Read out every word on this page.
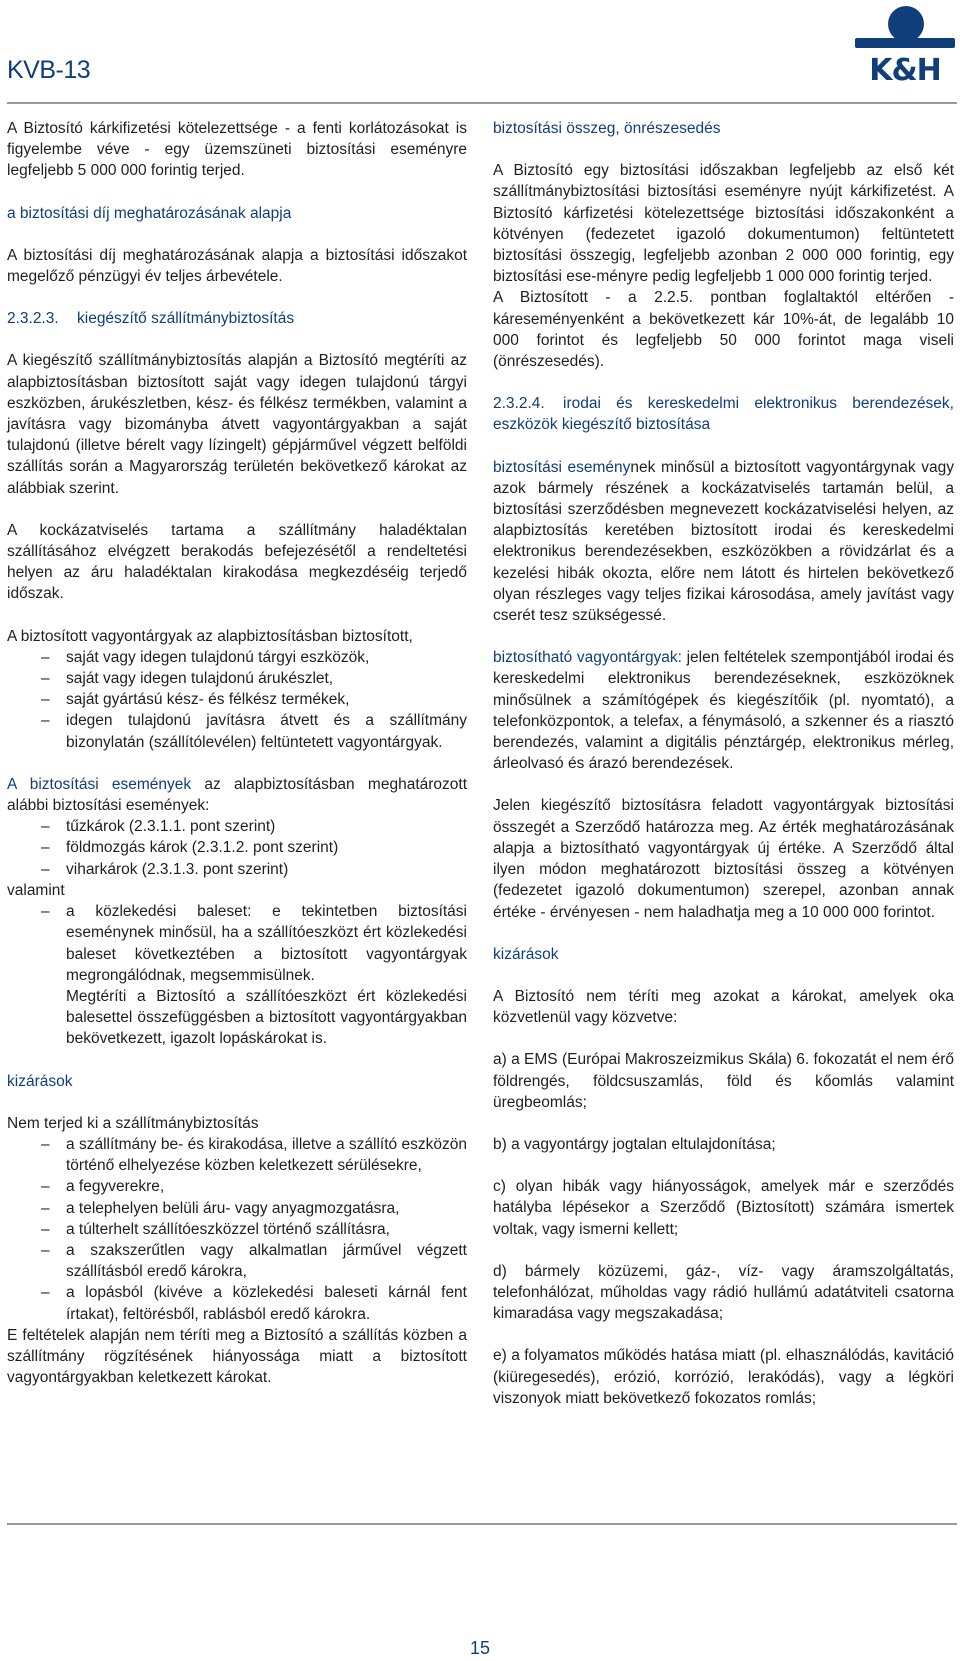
KVB-13	K&H

A Biztosító kárkifizetési kötelezettsége - a fenti korlátozásokat is figyelembe véve - egy üzemszüneti biztosítási eseményre legfeljebb 5 000 000 forintig terjed.

a biztosítási díj meghatározásának alapja

A biztosítási díj meghatározásának alapja a biztosítási időszakot megelőző pénzügyi év teljes árbevétele.

2.3.2.3. kiegészítő szállítmánybiztosítás

A kiegészítő szállítmánybiztosítás alapján a Biztosító megtéríti az alapbiztosításban biztosított saját vagy idegen tulajdonú tárgyi eszközben, árukészletben, kész- és félkész termékben, valamint a javításra vagy bizományba átvett vagyontárgyakban a saját tulajdonú (illetve bérelt vagy lízingelt) gépjárművel végzett belföldi szállítás során a Magyarország területén bekövetkező károkat az alábbiak szerint.

A kockázatviselés tartama a szállítmány haladéktalan szállításához elvégzett berakodás befejezésétől a rendeltetési helyen az áru haladéktalan kirakodása megkezdéséig terjedő időszak.

A biztosított vagyontárgyak az alapbiztosításban biztosított,

– saját vagy idegen tulajdonú tárgyi eszközök,
– saját vagy idegen tulajdonú árukészlet,
– saját gyártású kész- és félkész termékek,
– idegen tulajdonú javításra átvett és a szállítmány bizonylatán (szállítólevélen) feltüntetett vagyontárgyak.

A biztosítási események az alapbiztosításban meghatározott alábbi biztosítási események:

– tűzkárok (2.3.1.1. pont szerint)
– földmozgás károk (2.3.1.2. pont szerint)
– viharkárok (2.3.1.3. pont szerint)

valamint

– a közlekedési baleset: e tekintetben biztosítási eseménynek minősül, ha a szállítóeszközt ért közlekedési baleset következtében a biztosított vagyontárgyak megrongálódnak, megsemmisülnek.

Megtéríti a Biztosító a szállítóeszközt ért közlekedési balesettel összefüggésben a biztosított vagyontárgyakban bekövetkezett, igazolt lopáskárokat is.

kizárások

Nem terjed ki a szállítmánybiztosítás

– a szállítmány be- és kirakodása, illetve a szállító eszközön történő elhelyezése közben keletkezett sérülésekre,
– a fegyverekre,
– a telephelyen belüli áru- vagy anyagmozgatásra,
– a túlterhelt szállítóeszközzel történő szállításra,
– a szakszerűtlen vagy alkalmatlan járművel végzett szállításból eredő károkra,
– a lopásból (kivéve a közlekedési baleseti kárnál fent írtakat), feltörésből, rablásból eredő károkra.

E feltételek alapján nem téríti meg a Biztosító a szállítás közben a szállítmány rögzítésének hiányossága miatt a biztosított vagyontárgyakban keletkezett károkat.

biztosítási összeg, önrészesedés

A Biztosító egy biztosítási időszakban legfeljebb az első két szállítmánybiztosítási biztosítási eseményre nyújt kárkifizetést. A Biztosító kárfizetési kötelezettsége biztosítási időszakonként a kötvényen (fedezetet igazoló dokumentumon) feltüntetett biztosítási összegig, legfeljebb azonban 2 000 000 forintig, egy biztosítási ese-ményre pedig legfeljebb 1 000 000 forintig terjed.

A Biztosított - a 2.2.5. pontban foglaltaktól eltérően - káreseményenként a bekövetkezett kár 10%-át, de legalább 10 000 forintot és legfeljebb 50 000 forintot maga viseli (önrészesedés).

2.3.2.4. irodai és kereskedelmi elektronikus berendezések, eszközök kiegészítő biztosítása

biztosítási eseménynek minősül a biztosított vagyontárgynak vagy azok bármely részének a kockázatviselés tartamán belül, a biztosítási szerződésben megnevezett kockázatviselési helyen, az alapbiztosítás keretében biztosított irodai és kereskedelmi elektronikus berendezésekben, eszközökben a rövidzárlat és a kezelési hibák okozta, előre nem látott és hirtelen bekövetkező olyan részleges vagy teljes fizikai károsodása, amely javítást vagy cserét tesz szükségessé.

biztosítható vagyontárgyak: jelen feltételek szempontjából irodai és kereskedelmi elektronikus berendezéseknek, eszközöknek minősülnek a számítógépek és kiegészítőik (pl. nyomtató), a telefonközpontok, a telefax, a fénymásoló, a szkenner és a riasztó berendezés, valamint a digitális pénztárgép, elektronikus mérleg, árleolvasó és árazó berendezések.

Jelen kiegészítő biztosításra feladott vagyontárgyak biztosítási összegét a Szerződő határozza meg. Az érték meghatározásának alapja a biztosítható vagyontárgyak új értéke. A Szerződő által ilyen módon meghatározott biztosítási összeg a kötvényen (fedezetet igazoló dokumentumon) szerepel, azonban annak értéke - érvényesen - nem haladhatja meg a 10 000 000 forintot.

kizárások

A Biztosító nem téríti meg azokat a károkat, amelyek oka közvetlenül vagy közvetve:

a) a EMS (Európai Makroszeizmikus Skála) 6. fokozatát el nem érő földrengés, földcsuszamlás, föld és kőomlás valamint üregbeomlás;

b) a vagyontárgy jogtalan eltulajdonítása;

c) olyan hibák vagy hiányosságok, amelyek már e szerződés hatályba lépésekor a Szerződő (Biztosított) számára ismertek voltak, vagy ismerni kellett;

d) bármely közüzemi, gáz-, víz- vagy áramszolgáltatás, telefonhálózat, műholdas vagy rádió hullámú adatátviteli csatorna kimaradása vagy megszakadása;

e) a folyamatos működés hatása miatt (pl. elhasználódás, kavitáció (kiüregesedés), erózió, korrózió, lerakódás), vagy a légköri viszonyok miatt bekövetkező fokozatos romlás;

15
